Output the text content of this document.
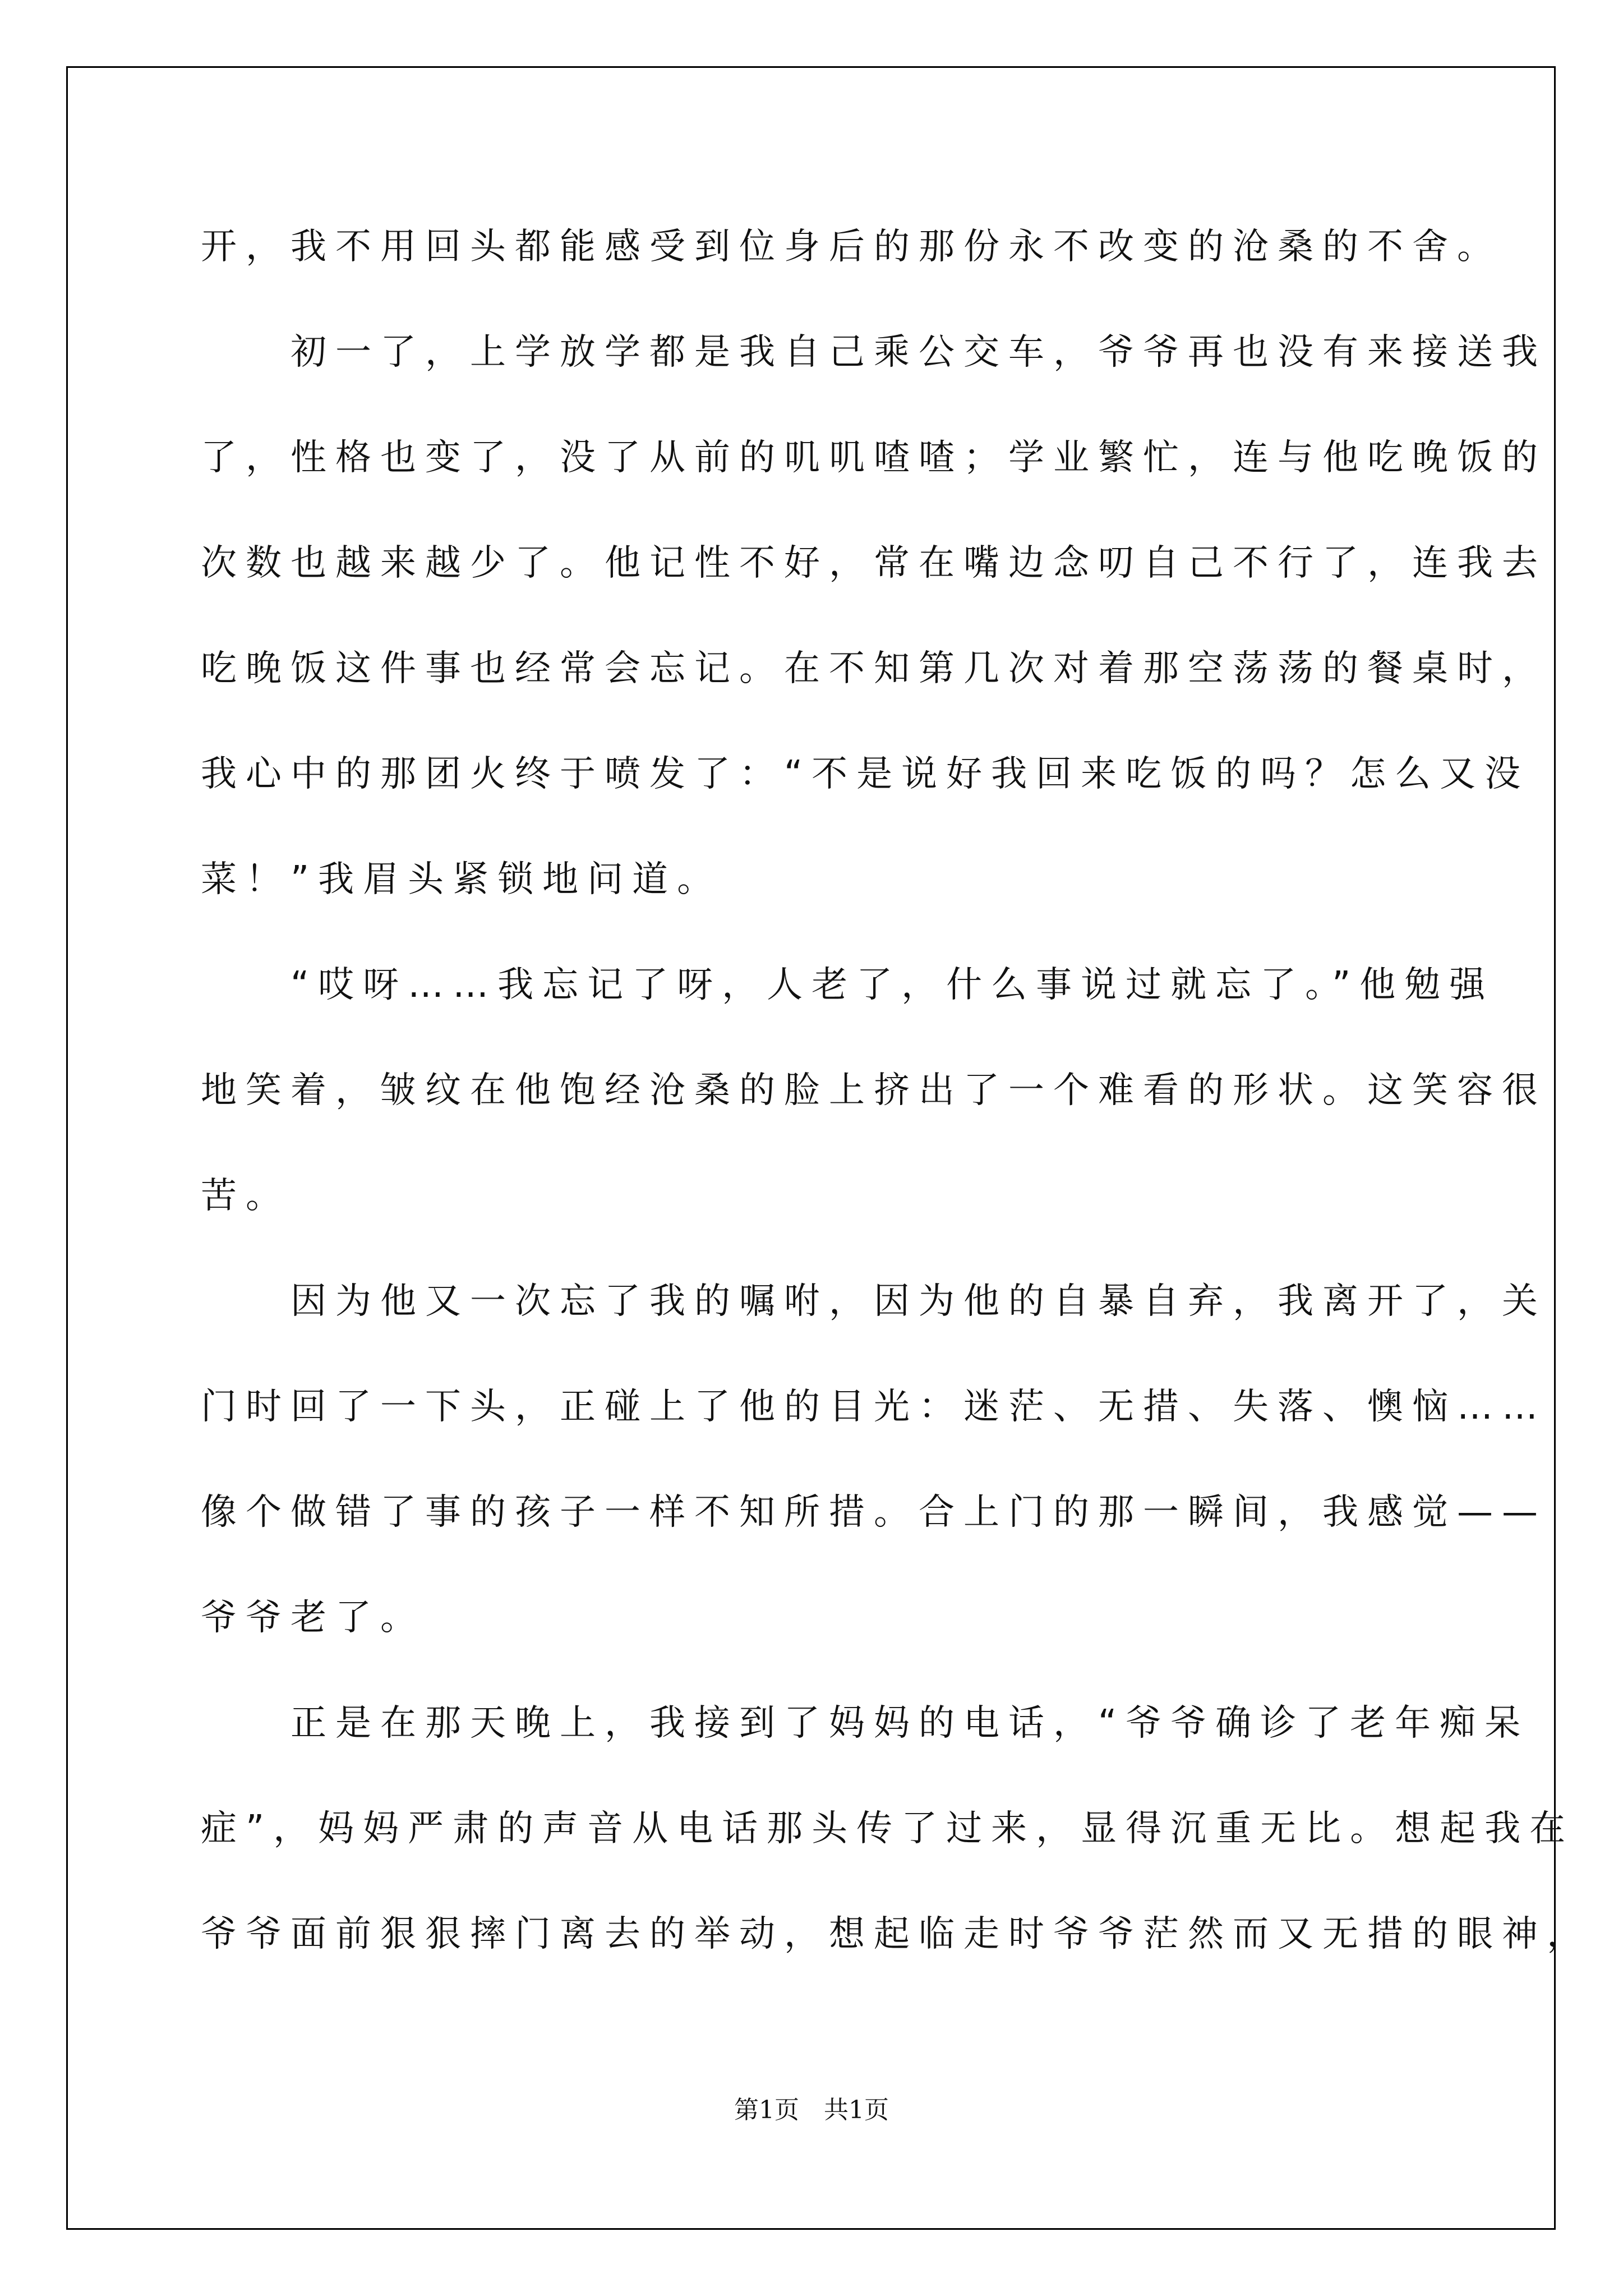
开，我不用回头都能感受到位身后的那份永不改变的沧桑的不舍。
　　初一了，上学放学都是我自己乘公交车，爷爷再也没有来接送我
了，性格也变了，没了从前的叽叽喳喳；学业繁忙，连与他吃晚饭的
次数也越来越少了。他记性不好，常在嘴边念叨自己不行了，连我去
吃晚饭这件事也经常会忘记。在不知第几次对着那空荡荡的餐桌时，
我心中的那团火终于喷发了：“不是说好我回来吃饭的吗？怎么又没
菜！”我眉头紧锁地问道。
　　“哎呀……我忘记了呀，人老了，什么事说过就忘了。”他勉强
地笑着，皱纹在他饱经沧桑的脸上挤出了一个难看的形状。这笑容很
苦。
　　因为他又一次忘了我的嘱咐，因为他的自暴自弃，我离开了，关
门时回了一下头，正碰上了他的目光：迷茫、无措、失落、懊恼……
像个做错了事的孩子一样不知所措。合上门的那一瞬间，我感觉——
爷爷老了。
　　正是在那天晚上，我接到了妈妈的电话，“爷爷确诊了老年痴呆
症”，妈妈严肃的声音从电话那头传了过来，显得沉重无比。想起我在
爷爷面前狠狠摔门离去的举动，想起临走时爷爷茫然而又无措的眼神，
第1页　共1页
